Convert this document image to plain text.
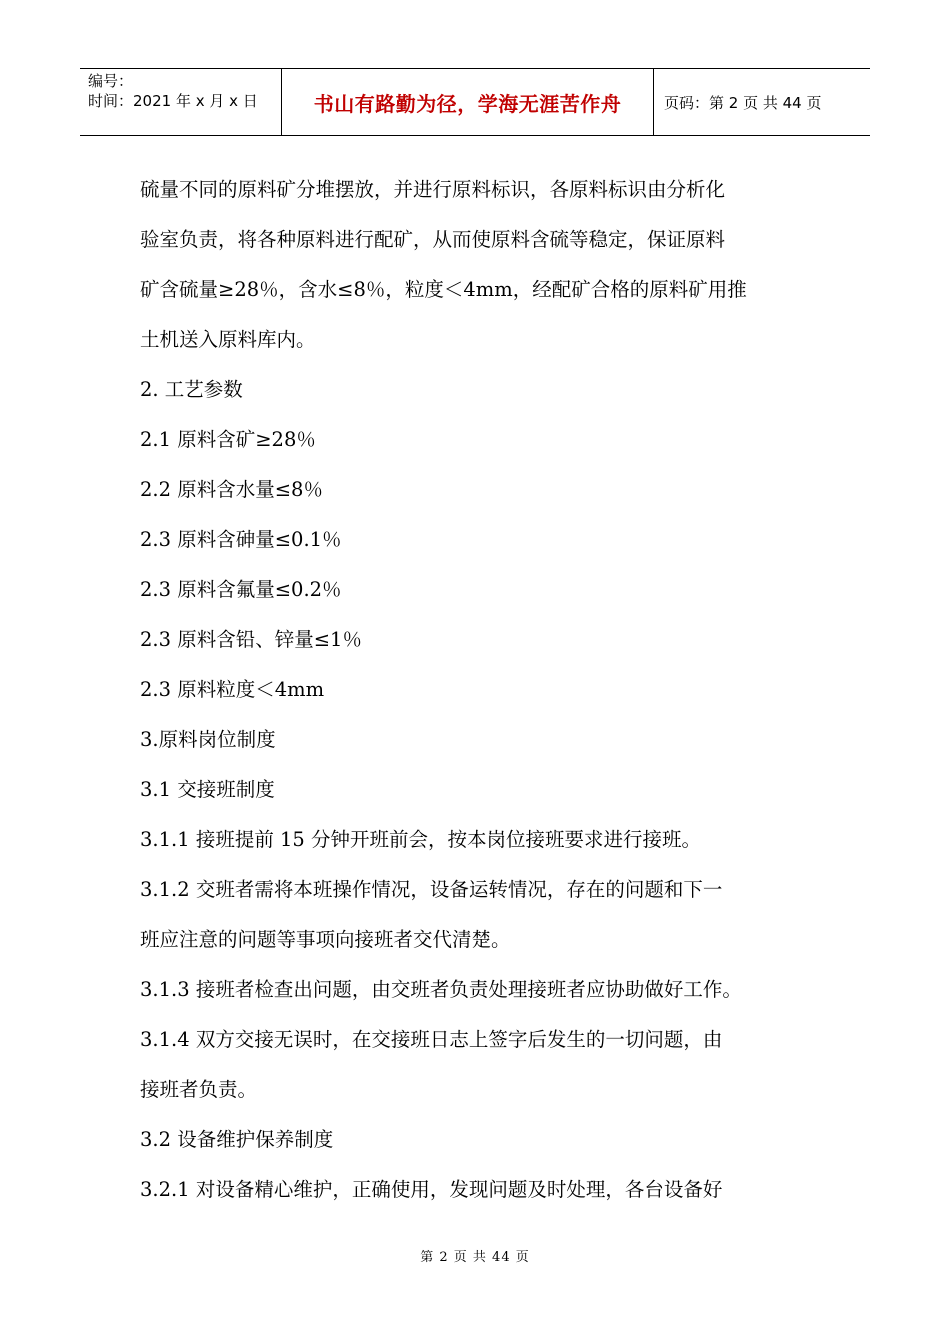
编号：
时间：2021 年 x 月 x 日	书山有路勤为径，学海无涯苦作舟	页码：第 2 页 共 44 页

硫量不同的原料矿分堆摆放，并进行原料标识，各原料标识由分析化

验室负责，将各种原料进行配矿，从而使原料含硫等稳定，保证原料

矿含硫量≥28％，含水≤8％，粒度＜4mm，经配矿合格的原料矿用推

土机送入原料库内。

2. 工艺参数

2.1 原料含矿≥28％

2.2 原料含水量≤8％

2.3 原料含砷量≤0.1％

2.3 原料含氟量≤0.2％

2.3 原料含铅、锌量≤1％

2.3 原料粒度＜4mm

3.原料岗位制度

3.1 交接班制度

3.1.1 接班提前 15 分钟开班前会，按本岗位接班要求进行接班。

3.1.2 交班者需将本班操作情况，设备运转情况，存在的问题和下一

班应注意的问题等事项向接班者交代清楚。

3.1.3 接班者检查出问题，由交班者负责处理接班者应协助做好工作。

3.1.4 双方交接无误时，在交接班日志上签字后发生的一切问题，由

接班者负责。

3.2 设备维护保养制度

3.2.1 对设备精心维护，正确使用，发现问题及时处理，各台设备好

第 2 页 共 44 页
